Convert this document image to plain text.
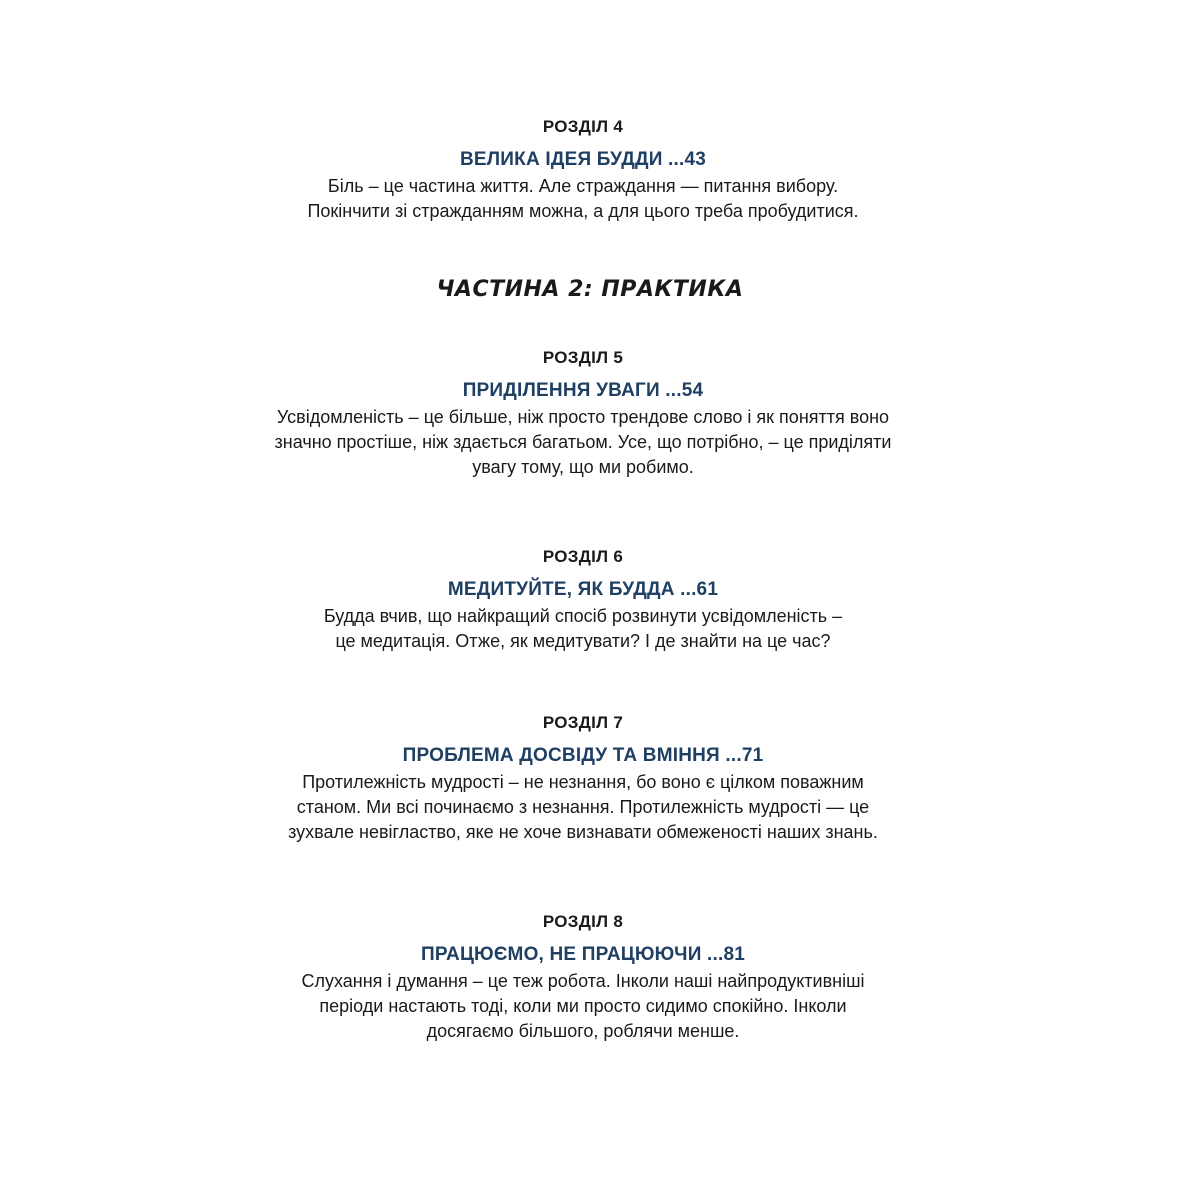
РОЗДІЛ 4
ВЕЛИКА ІДЕЯ БУДДИ ...43

Біль – це частина життя. Але страждання — питання вибору.
Покінчити зі стражданням можна, а для цього треба пробудитися.

ЧАСТИНА 2: ПРАКТИКА
РОЗДІЛ 5
ПРИДІЛЕННЯ УВАГИ ...54

Усвідомленість – це більше, ніж просто трендове слово і як поняття воно
значно простіше, ніж здається багатьом. Усе, що потрібно, – це приділяти
увагу тому, що ми робимо.

РОЗДІЛ 6
МЕДИТУЙТЕ, ЯК БУДДА ...61

Будда вчив, що найкращий спосіб розвинути усвідомленість –
це медитація. Отже, як медитувати? І де знайти на це час?

РОЗДІЛ 7
ПРОБЛЕМА ДОСВІДУ ТА ВМІННЯ ...71

Протилежність мудрості – не незнання, бо воно є цілком поважним
станом. Ми всі починаємо з незнання. Протилежність мудрості — це
зухвале невігластво, яке не хоче визнавати обмеженості наших знань.

РОЗДІЛ 8
ПРАЦЮЄМО, НЕ ПРАЦЮЮЧИ ...81

Слухання і думання – це теж робота. Інколи наші найпродуктивніші
періоди настають тоді, коли ми просто сидимо спокійно. Інколи
досягаємо більшого, роблячи менше.
